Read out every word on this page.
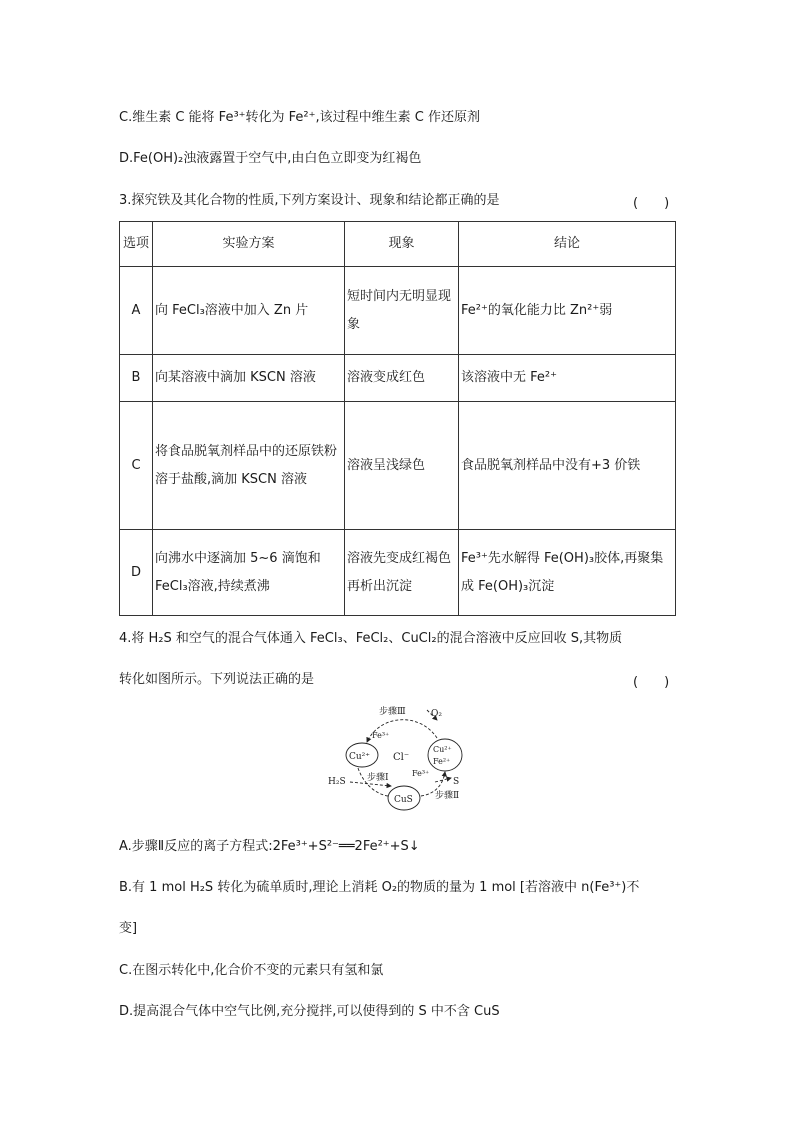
C.维生素 C 能将 Fe³⁺转化为 Fe²⁺,该过程中维生素 C 作还原剂
D.Fe(OH)₂浊液露置于空气中,由白色立即变为红褐色
3.探究铁及其化合物的性质,下列方案设计、现象和结论都正确的是	(　　)
选项	实验方案	现象	结论
A	向 FeCl₃溶液中加入 Zn 片	短时间内无明显现象	Fe²⁺的氧化能力比 Zn²⁺弱
B	向某溶液中滴加 KSCN 溶液	溶液变成红色	该溶液中无 Fe²⁺
C	将食品脱氧剂样品中的还原铁粉溶于盐酸,滴加 KSCN 溶液	溶液呈浅绿色	食品脱氧剂样品中没有+3 价铁
D	向沸水中逐滴加 5~6 滴饱和 FeCl₃溶液,持续煮沸	溶液先变成红褐色再析出沉淀	Fe³⁺先水解得 Fe(OH)₃胶体,再聚集成 Fe(OH)₃沉淀
4.将 H₂S 和空气的混合气体通入 FeCl₃、FeCl₂、CuCl₂的混合溶液中反应回收 S,其物质
转化如图所示。下列说法正确的是	(　　)
步骤Ⅲ	O₂
Fe³⁺
Cu²⁺ Cl⁻
Cu²⁺
Fe²⁺
H₂S 步骤Ⅰ	Fe³⁺
S
CuS 步骤Ⅱ
A.步骤Ⅱ反应的离子方程式:2Fe³⁺+S²⁻══2Fe²⁺+S↓
B.有 1 mol H₂S 转化为硫单质时,理论上消耗 O₂的物质的量为 1 mol [若溶液中 n(Fe³⁺)不
变]
C.在图示转化中,化合价不变的元素只有氢和氯
D.提高混合气体中空气比例,充分搅拌,可以使得到的 S 中不含 CuS
